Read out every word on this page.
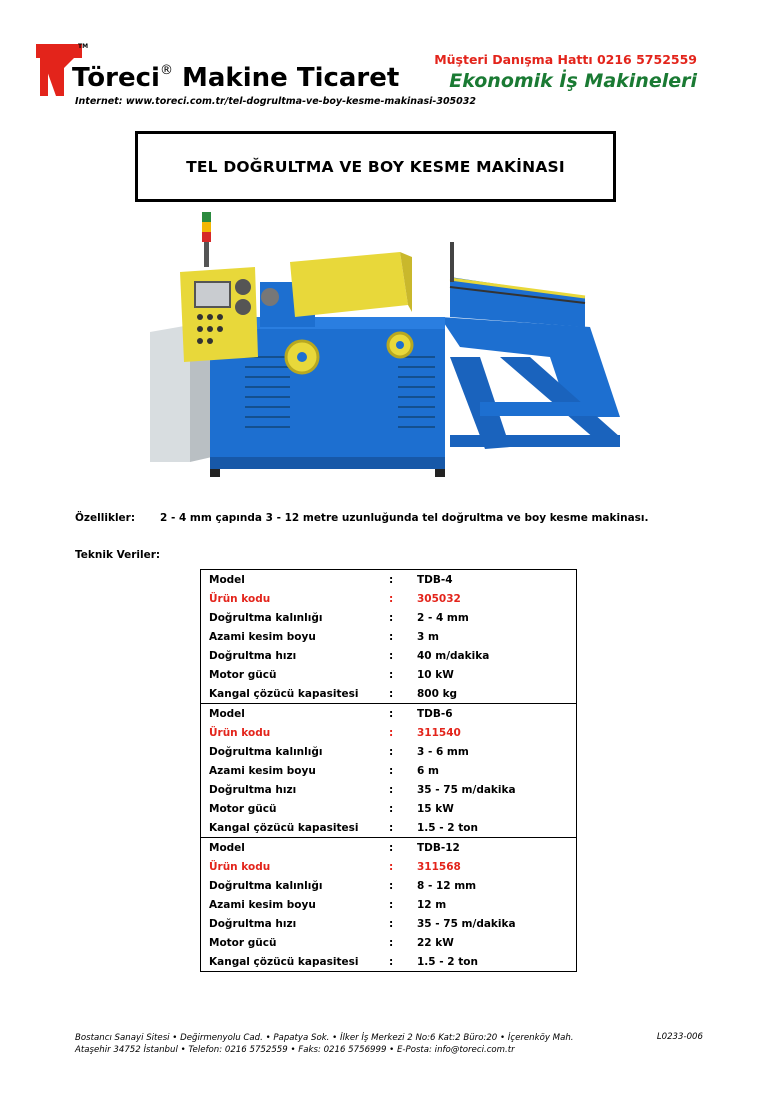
TM
Töreci® Makine Ticaret
Müşteri Danışma Hattı 0216 5752559
Ekonomik İş Makineleri
Internet: www.toreci.com.tr/tel-dogrultma-ve-boy-kesme-makinasi-305032
TEL DOĞRULTMA VE BOY KESME MAKİNASI
Özellikler: 2 - 4 mm çapında 3 - 12 metre uzunluğunda tel doğrultma ve boy kesme makinası.
Teknik Veriler:
Model	:	TDB-4
Ürün kodu	:	305032
Doğrultma kalınlığı	:	2 - 4 mm
Azami kesim boyu	:	3 m
Doğrultma hızı	:	40 m/dakika
Motor gücü	:	10 kW
Kangal çözücü kapasitesi	:	800 kg
Model	:	TDB-6
Ürün kodu	:	311540
Doğrultma kalınlığı	:	3 - 6 mm
Azami kesim boyu	:	6 m
Doğrultma hızı	:	35 - 75 m/dakika
Motor gücü	:	15 kW
Kangal çözücü kapasitesi	:	1.5 - 2 ton
Model	:	TDB-12
Ürün kodu	:	311568
Doğrultma kalınlığı	:	8 - 12 mm
Azami kesim boyu	:	12 m
Doğrultma hızı	:	35 - 75 m/dakika
Motor gücü	:	22 kW
Kangal çözücü kapasitesi	:	1.5 - 2 ton
Bostancı Sanayi Sitesi • Değirmenyolu Cad. • Papatya Sok. • İlker İş Merkezi 2 No:6 Kat:2 Büro:20 • İçerenköy Mah.
Ataşehir 34752 İstanbul • Telefon: 0216 5752559 • Faks: 0216 5756999 • E-Posta: info@toreci.com.tr
L0233-006
